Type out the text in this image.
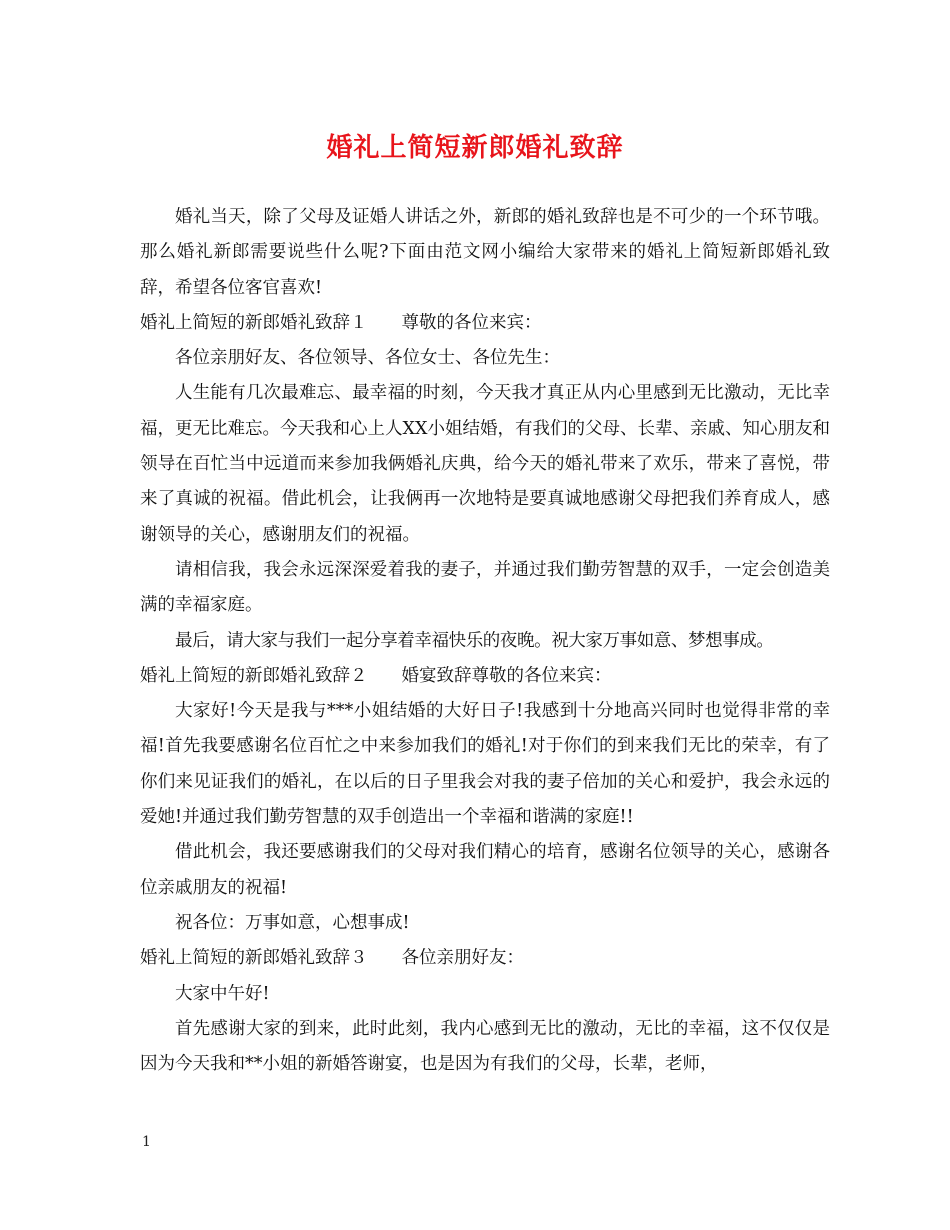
婚礼上简短新郎婚礼致辞

婚礼当天，除了父母及证婚人讲话之外，新郎的婚礼致辞也是不可少的一个环节哦。那么婚礼新郎需要说些什么呢?下面由范文网小编给大家带来的婚礼上简短新郎婚礼致辞，希望各位客官喜欢!

婚礼上简短的新郎婚礼致辞１ 尊敬的各位来宾：

各位亲朋好友、各位领导、各位女士、各位先生：

人生能有几次最难忘、最幸福的时刻，今天我才真正从内心里感到无比激动，无比幸福，更无比难忘。今天我和心上人XX小姐结婚，有我们的父母、长辈、亲戚、知心朋友和领导在百忙当中远道而来参加我俩婚礼庆典，给今天的婚礼带来了欢乐，带来了喜悦，带来了真诚的祝福。借此机会，让我俩再一次地特是要真诚地感谢父母把我们养育成人，感谢领导的关心，感谢朋友们的祝福。

请相信我，我会永远深深爱着我的妻子，并通过我们勤劳智慧的双手，一定会创造美满的幸福家庭。

最后，请大家与我们一起分享着幸福快乐的夜晚。祝大家万事如意、梦想事成。

婚礼上简短的新郎婚礼致辞２ 婚宴致辞尊敬的各位来宾：

大家好!今天是我与***小姐结婚的大好日子!我感到十分地高兴同时也觉得非常的幸福!首先我要感谢名位百忙之中来参加我们的婚礼!对于你们的到来我们无比的荣幸，有了你们来见证我们的婚礼，在以后的日子里我会对我的妻子倍加的关心和爱护，我会永远的爱她!并通过我们勤劳智慧的双手创造出一个幸福和谐满的家庭!!

借此机会，我还要感谢我们的父母对我们精心的培育，感谢名位领导的关心，感谢各位亲戚朋友的祝福!

祝各位：万事如意，心想事成!

婚礼上简短的新郎婚礼致辞３ 各位亲朋好友：

大家中午好!

首先感谢大家的到来，此时此刻，我内心感到无比的激动，无比的幸福，这不仅仅是因为今天我和**小姐的新婚答谢宴，也是因为有我们的父母，长辈，老师，

1
